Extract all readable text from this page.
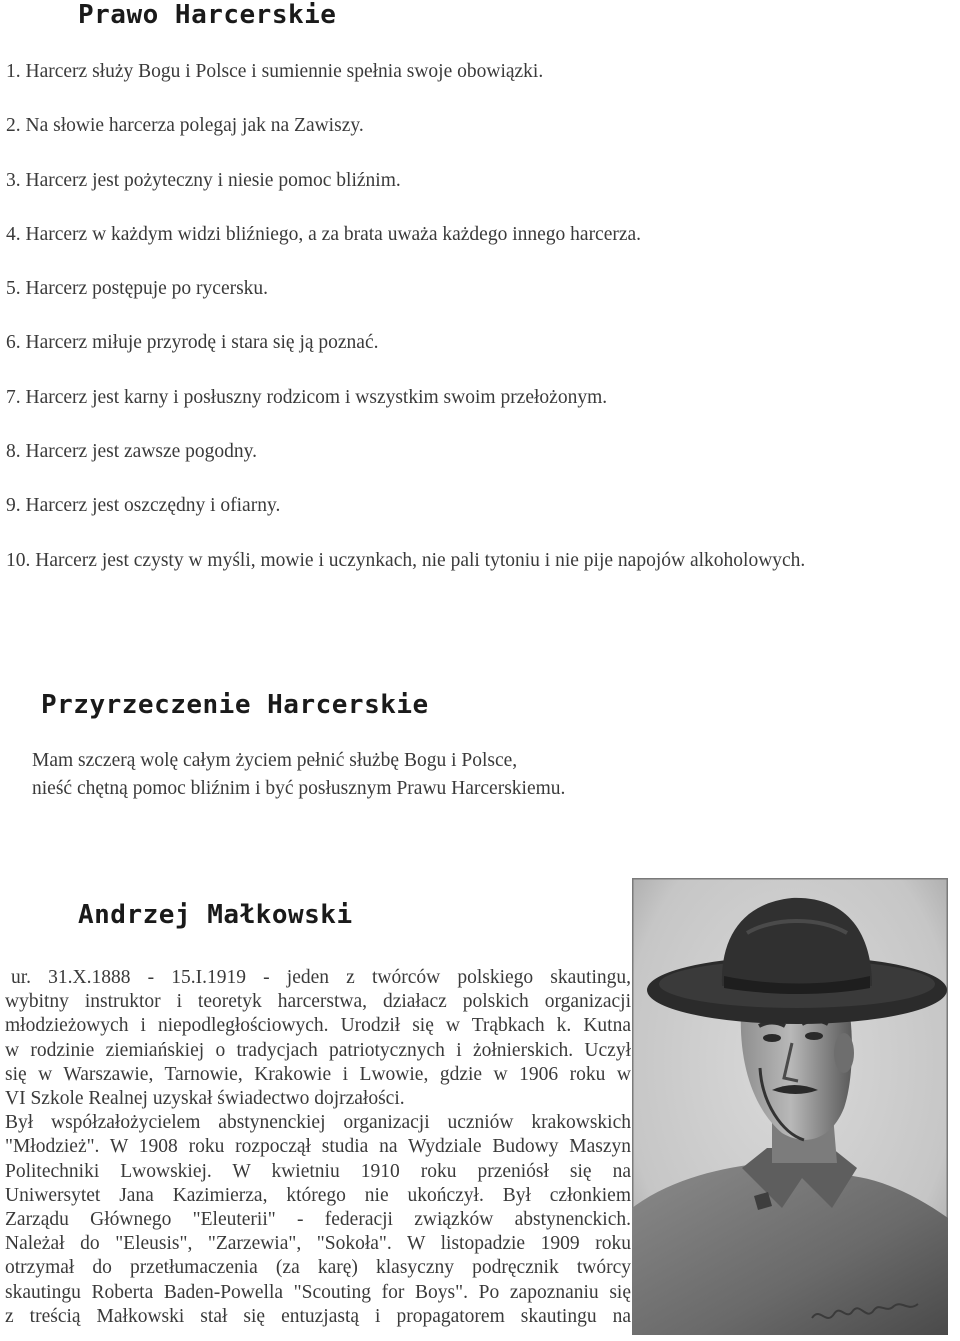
Prawo Harcerskie
1. Harcerz służy Bogu i Polsce i sumiennie spełnia swoje obowiązki.
2. Na słowie harcerza polegaj jak na Zawiszy.
3. Harcerz jest pożyteczny i niesie pomoc bliźnim.
4. Harcerz w każdym widzi bliźniego, a za brata uważa każdego innego harcerza.
5. Harcerz postępuje po rycersku.
6. Harcerz miłuje przyrodę i stara się ją poznać.
7. Harcerz jest karny i posłuszny rodzicom i wszystkim swoim przełożonym.
8. Harcerz jest zawsze pogodny.
9. Harcerz jest oszczędny i ofiarny.
10. Harcerz jest czysty w myśli, mowie i uczynkach, nie pali tytoniu i nie pije napojów alkoholowych.
Przyrzeczenie Harcerskie
Mam szczerą wolę całym życiem pełnić służbę Bogu i Polsce,
nieść chętną pomoc bliźnim i być posłusznym Prawu Harcerskiemu.
Andrzej Małkowski

ur. 31.X.1888 - 15.I.1919 - jeden z twórców polskiego skautingu,

wybitny instruktor i teoretyk harcerstwa, działacz polskich organizacji

młodzieżowych i niepodległościowych. Urodził się w Trąbkach k. Kutna

w rodzinie ziemiańskiej o tradycjach patriotycznych i żołnierskich. Uczył

się w Warszawie, Tarnowie, Krakowie i Lwowie, gdzie w 1906 roku w

VI Szkole Realnej uzyskał świadectwo dojrzałości.

Był współzałożycielem abstynenckiej organizacji uczniów krakowskich

"Młodzież". W 1908 roku rozpoczął studia na Wydziale Budowy Maszyn

Politechniki Lwowskiej. W kwietniu 1910 roku przeniósł się na

Uniwersytet Jana Kazimierza, którego nie ukończył. Był członkiem

Zarządu Głównego "Eleuterii" - federacji związków abstynenckich.

Należał do "Eleusis", "Zarzewia", "Sokoła". W listopadzie 1909 roku

otrzymał do przetłumaczenia (za karę) klasyczny podręcznik twórcy

skautingu Roberta Baden-Powella "Scouting for Boys". Po zapoznaniu się

z treścią Małkowski stał się entuzjastą i propagatorem skautingu na
